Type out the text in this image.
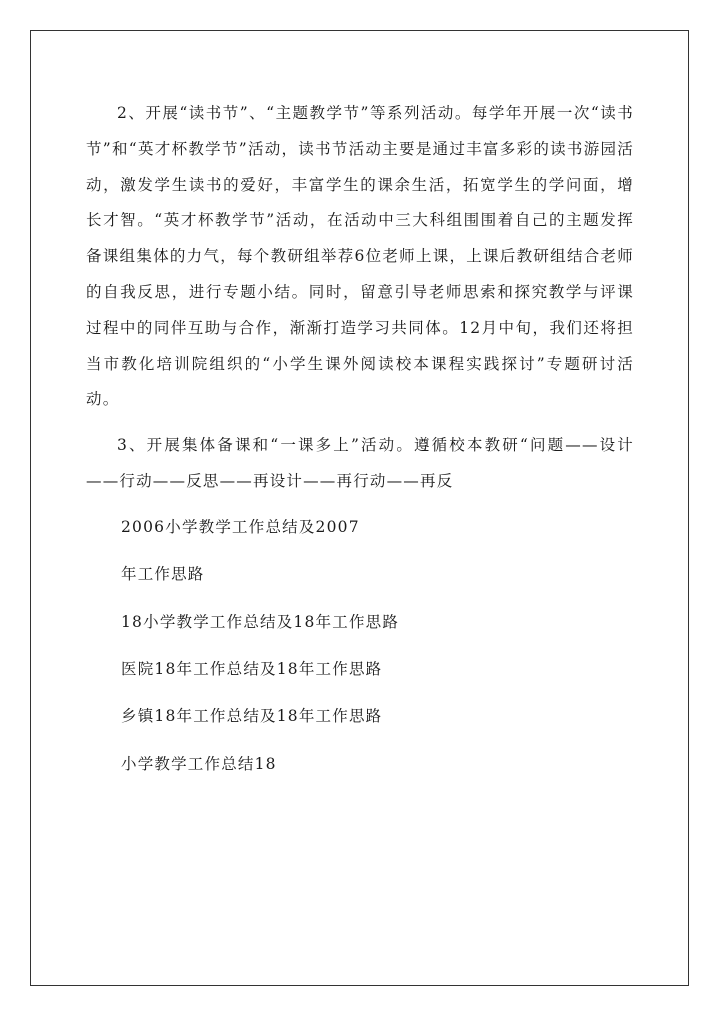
2、开展“读书节”、“主题教学节”等系列活动。每学年开展一次“读书节”和“英才杯教学节”活动，读书节活动主要是通过丰富多彩的读书游园活动，激发学生读书的爱好，丰富学生的课余生活，拓宽学生的学问面，增长才智。“英才杯教学节”活动，在活动中三大科组围围着自己的主题发挥备课组集体的力气，每个教研组举荐6位老师上课，上课后教研组结合老师的自我反思，进行专题小结。同时，留意引导老师思索和探究教学与评课过程中的同伴互助与合作，渐渐打造学习共同体。12月中旬，我们还将担当市教化培训院组织的“小学生课外阅读校本课程实践探讨”专题研讨活动。

3、开展集体备课和“一课多上”活动。遵循校本教研“问题——设计——行动——反思——再设计——再行动——再反

2006小学教学工作总结及2007

年工作思路

18小学教学工作总结及18年工作思路

医院18年工作总结及18年工作思路

乡镇18年工作总结及18年工作思路

小学教学工作总结18
